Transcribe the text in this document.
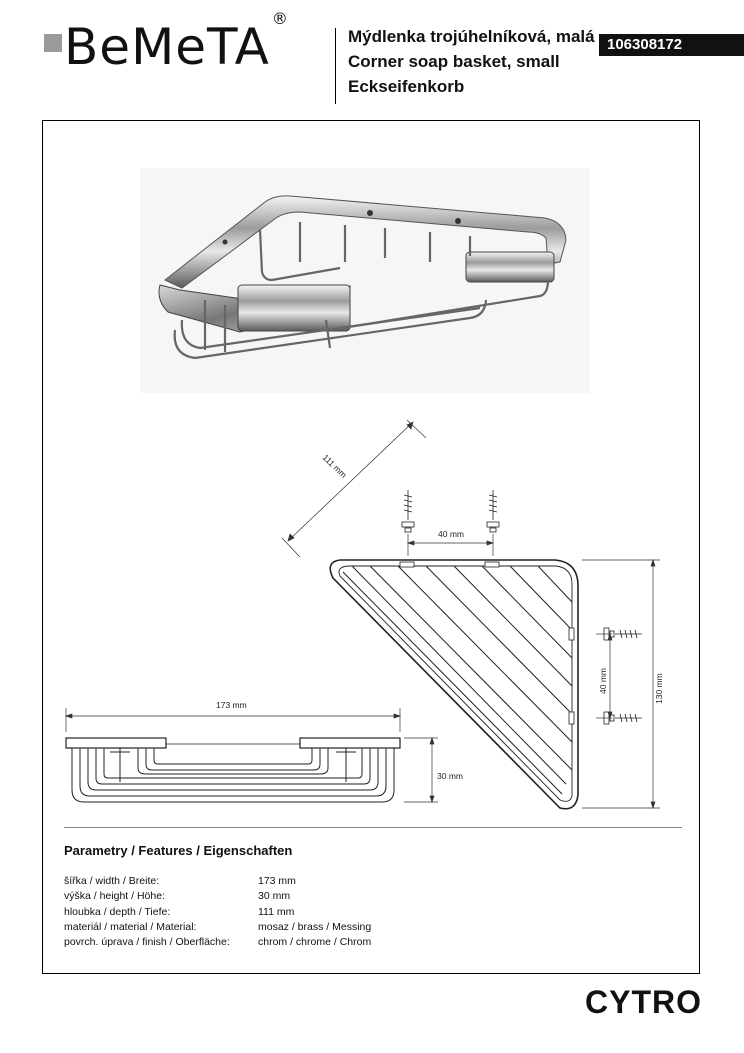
BeMeTA ®
Mýdlenka trojúhelníková, malá
Corner soap basket, small
Eckseifenkorb
106308172
111 mm
40 mm
40 mm	130 mm
173 mm
30 mm
Parametry / Features / Eigenschaften
šířka / width / Breite:	173 mm
výška / height / Höhe:	30 mm
hloubka / depth / Tiefe:	111 mm
materiál / material / Material:	mosaz / brass / Messing
povrch. úprava / finish / Oberfläche:	chrom / chrome / Chrom
CYTRO
